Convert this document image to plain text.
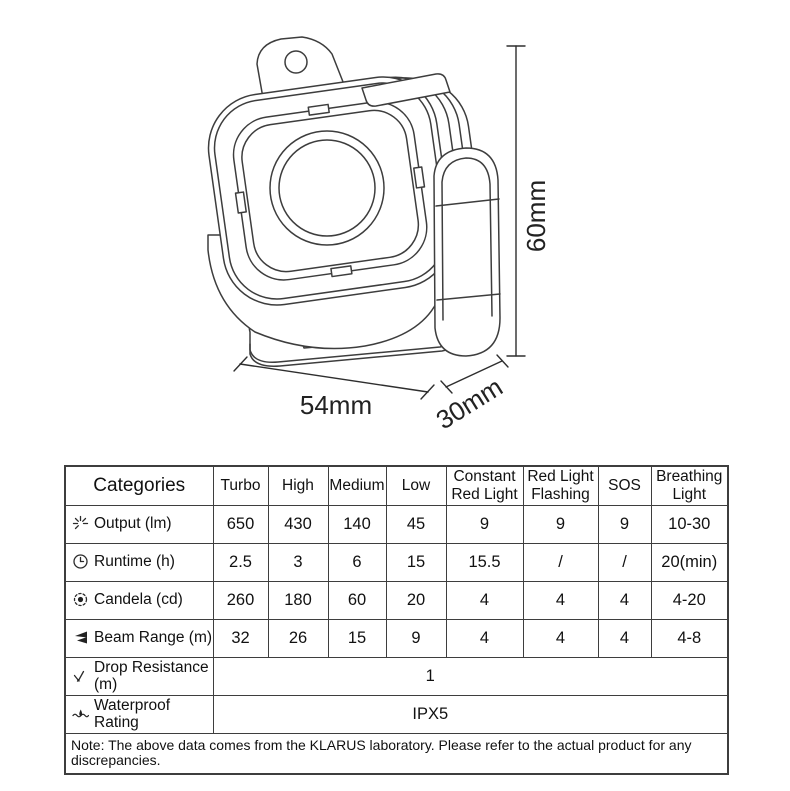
60mm
54mm 30mm
Categories	Turbo	High	Medium	Low	Constant Red Light	Red Light Flashing	SOS	Breathing Light

Output (lm)	650	430	140	45	9	9	9	10-30

Runtime (h)	2.5	3	6	15	15.5	/	/	20(min)

Candela (cd)	260	180	60	20	4	4	4	4-20

Beam Range (m)	32	26	15	9	4	4	4	4-8

Drop Resistance (m)	1							

Waterproof Rating	IPX5							
Note: The above data comes from the KLARUS laboratory. Please refer to the actual product for any discrepancies.								
